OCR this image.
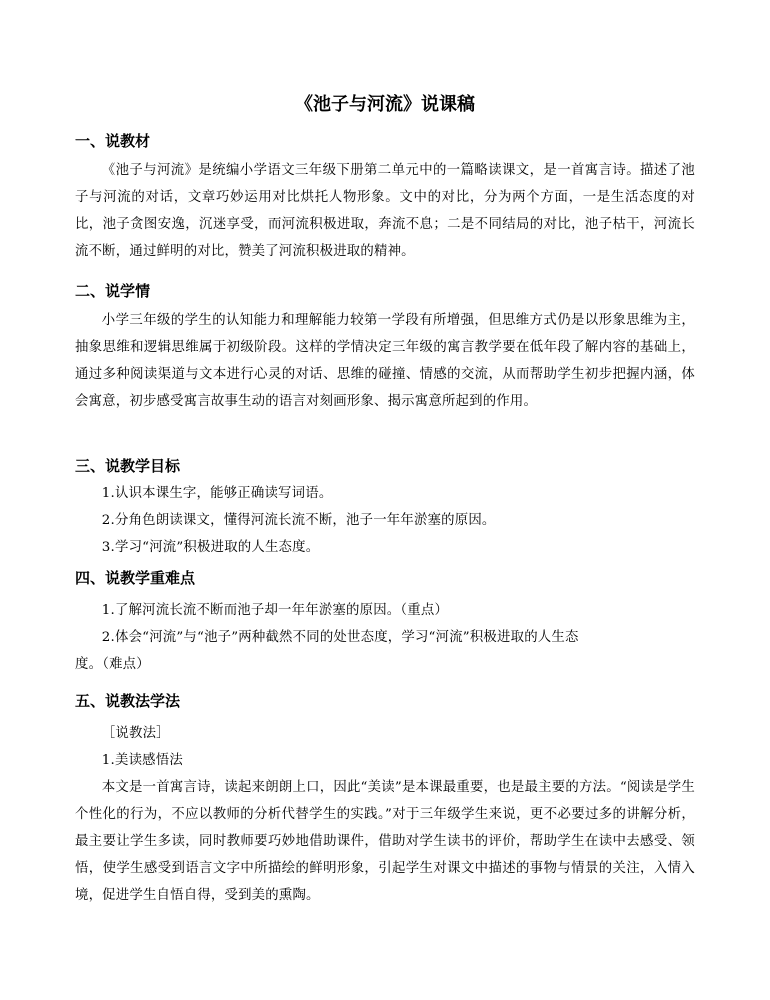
《池子与河流》说课稿
一、说教材

《池子与河流》是统编小学语文三年级下册第二单元中的一篇略读课文，是一首寓言诗。描述了池子与河流的对话，文章巧妙运用对比烘托人物形象。文中的对比，分为两个方面，一是生活态度的对比，池子贪图安逸，沉迷享受，而河流积极进取，奔流不息；二是不同结局的对比，池子枯干，河流长流不断，通过鲜明的对比，赞美了河流积极进取的精神。

二、说学情

小学三年级的学生的认知能力和理解能力较第一学段有所增强，但思维方式仍是以形象思维为主，抽象思维和逻辑思维属于初级阶段。这样的学情决定三年级的寓言教学要在低年段了解内容的基础上，通过多种阅读渠道与文本进行心灵的对话、思维的碰撞、情感的交流，从而帮助学生初步把握内涵，体会寓意，初步感受寓言故事生动的语言对刻画形象、揭示寓意所起到的作用。

三、说教学目标

1.认识本课生字，能够正确读写词语。

2.分角色朗读课文，懂得河流长流不断，池子一年年淤塞的原因。

3.学习“河流”积极进取的人生态度。

四、说教学重难点

1.了解河流长流不断而池子却一年年淤塞的原因。（重点）

2.体会“河流”与“池子”两种截然不同的处世态度，学习“河流”积极进取的人生态
度。（难点）

五、说教法学法

［说教法］

1.美读感悟法

本文是一首寓言诗，读起来朗朗上口，因此“美读”是本课最重要，也是最主要的方法。“阅读是学生个性化的行为，不应以教师的分析代替学生的实践。”对于三年级学生来说，更不必要过多的讲解分析，最主要让学生多读，同时教师要巧妙地借助课件，借助对学生读书的评价，帮助学生在读中去感受、领悟，使学生感受到语言文字中所描绘的鲜明形象，引起学生对课文中描述的事物与情景的关注，入情入境，促进学生自悟自得，受到美的熏陶。
